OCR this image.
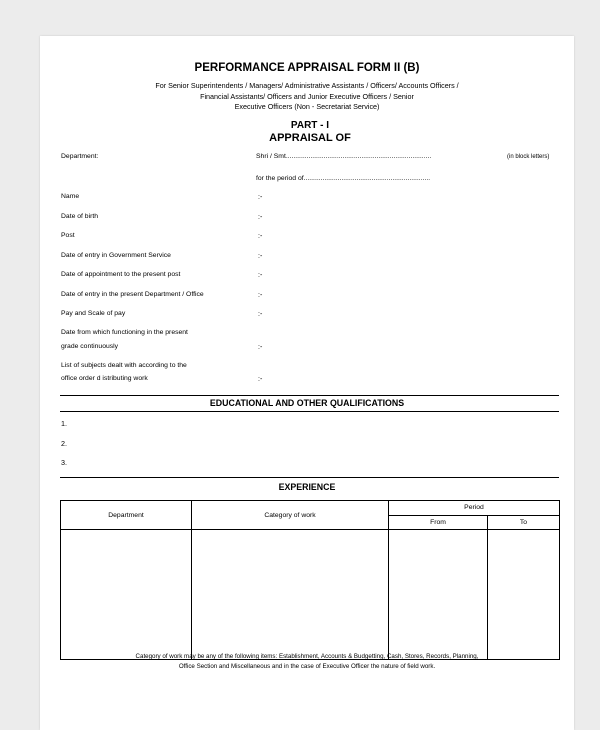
PERFORMANCE APPRAISAL FORM II (B)
For Senior Superintendents / Managers/ Administrative Assistants / Officers/ Accounts Officers /
Financial Assistants/ Officers and Junior Executive Officers / Senior
Executive Officers (Non - Secretariat Service)
PART - I
APPRAISAL OF
Department:	Shri / Smt.............................................................................	(in block letters)
for the period of...................................................................
Name	:-
Date of birth	:-
Post	:-
Date of entry in Government Service	:-
Date of appointment to the present post	:-
Date of entry in the present Department / Office	:-
Pay and Scale of pay	:-
Date from which functioning in the present
grade continuously	:-
List of subjects dealt with according to the
office order d istributing work	:-
EDUCATIONAL AND OTHER QUALIFICATIONS
1.
2.
3.
EXPERIENCE
Department	Category of work	Period	
		From	To

Category of work may be any of the following items: Establishment, Accounts & Budgetting, Cash, Stores, Records, Planning,
Office Section and Miscellaneous and in the case of Executive Officer the nature of field work.
